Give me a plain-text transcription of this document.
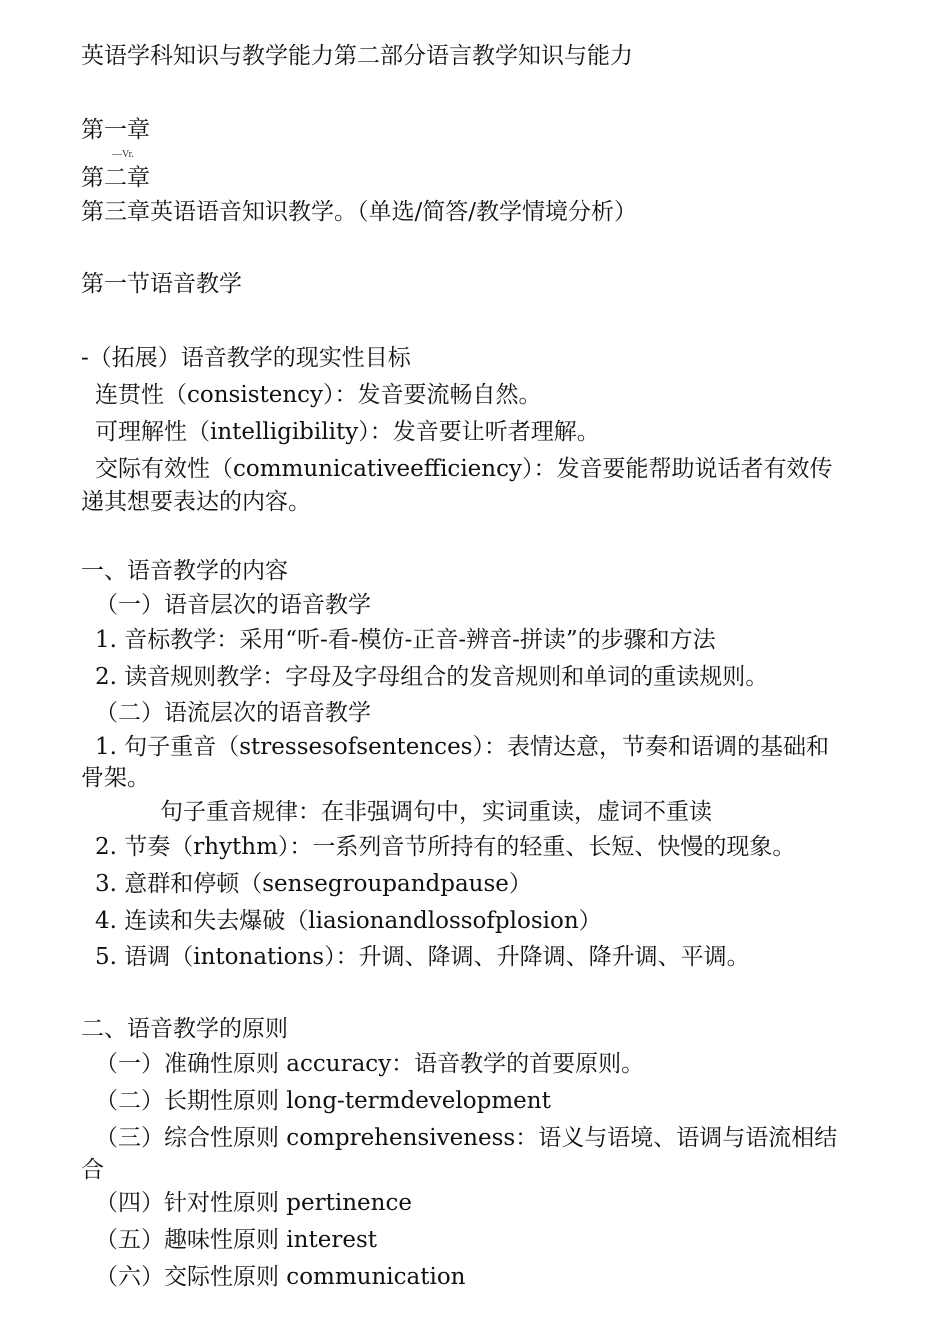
英语学科知识与教学能力第二部分语言教学知识与能力
第一章
—Vr.
第二章
第三章英语语音知识教学。（单选/简答/教学情境分析）
第一节语音教学
-（拓展）语音教学的现实性目标
连贯性（consistency）：发音要流畅自然。
可理解性（intelligibility）：发音要让听者理解。
交际有效性（communicativeefficiency）：发音要能帮助说话者有效传
递其想要表达的内容。
一、语音教学的内容
（一）语音层次的语音教学
1. 音标教学：采用“听-看-模仿-正音-辨音-拼读”的步骤和方法
2. 读音规则教学：字母及字母组合的发音规则和单词的重读规则。
（二）语流层次的语音教学
1. 句子重音（stressesofsentences）：表情达意，节奏和语调的基础和
骨架。
句子重音规律：在非强调句中，实词重读，虚词不重读
2. 节奏（rhythm）：一系列音节所持有的轻重、长短、快慢的现象。
3. 意群和停顿（sensegroupandpause）
4. 连读和失去爆破（liasionandlossofplosion）
5. 语调（intonations）：升调、降调、升降调、降升调、平调。
二、语音教学的原则
（一）准确性原则 accuracy：语音教学的首要原则。
（二）长期性原则 long-termdevelopment
（三）综合性原则 comprehensiveness：语义与语境、语调与语流相结
合
（四）针对性原则 pertinence
（五）趣味性原则 interest
（六）交际性原则 communication
